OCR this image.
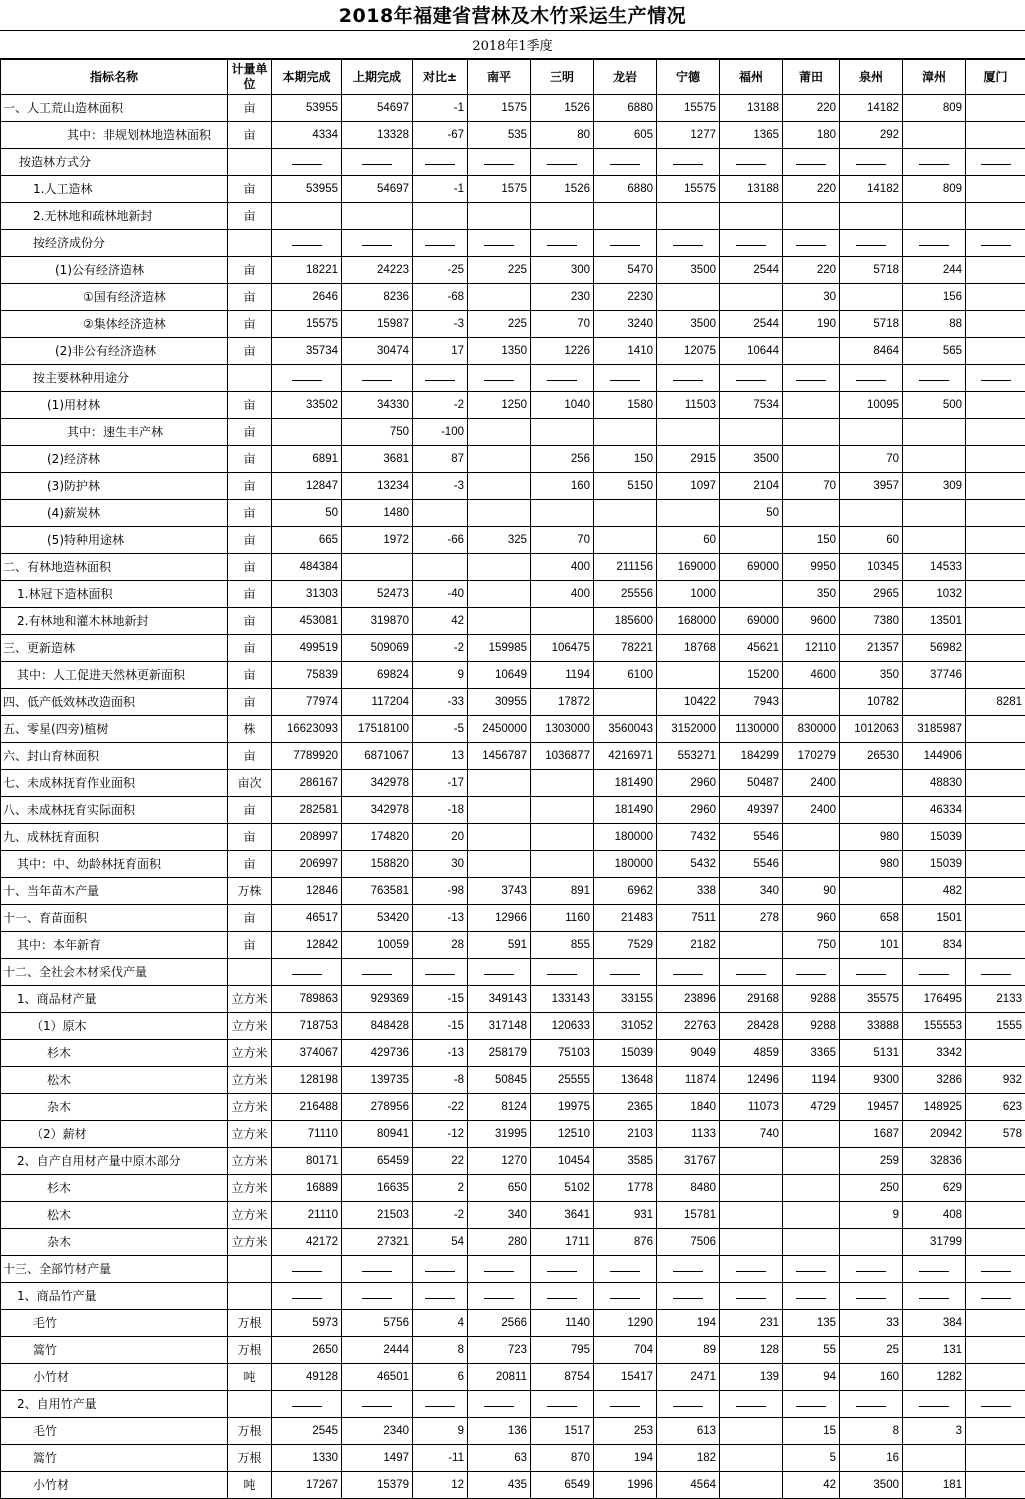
2018年福建省营林及木竹采运生产情况
2018年1季度
指标名称	计量单位	本期完成	上期完成	对比±	南平	三明	龙岩	宁德	福州	莆田	泉州	漳州	厦门
一、人工荒山造林面积	亩	53955	54697	-1	1575	1526	6880	15575	13188	220	14182	809	
其中：非规划林地造林面积	亩	4334	13328	-67	535	80	605	1277	1365	180	292		
按造林方式分													
1.人工造林	亩	53955	54697	-1	1575	1526	6880	15575	13188	220	14182	809	
2.无林地和疏林地新封	亩												
按经济成份分													
(1)公有经济造林	亩	18221	24223	-25	225	300	5470	3500	2544	220	5718	244	
①国有经济造林	亩	2646	8236	-68		230	2230			30		156	
②集体经济造林	亩	15575	15987	-3	225	70	3240	3500	2544	190	5718	88	
(2)非公有经济造林	亩	35734	30474	17	1350	1226	1410	12075	10644		8464	565	
按主要林种用途分													
(1)用材林	亩	33502	34330	-2	1250	1040	1580	11503	7534		10095	500	
其中：速生丰产林	亩		750	-100									
(2)经济林	亩	6891	3681	87		256	150	2915	3500		70		
(3)防护林	亩	12847	13234	-3		160	5150	1097	2104	70	3957	309	
(4)薪炭林	亩	50	1480						50				
(5)特种用途林	亩	665	1972	-66	325	70		60		150	60		
二、有林地造林面积	亩	484384				400	211156	169000	69000	9950	10345	14533	
1.林冠下造林面积	亩	31303	52473	-40		400	25556	1000		350	2965	1032	
2.有林地和灌木林地新封	亩	453081	319870	42			185600	168000	69000	9600	7380	13501	
三、更新造林	亩	499519	509069	-2	159985	106475	78221	18768	45621	12110	21357	56982	
其中：人工促进天然林更新面积	亩	75839	69824	9	10649	1194	6100		15200	4600	350	37746	
四、低产低效林改造面积	亩	77974	117204	-33	30955	17872		10422	7943		10782		8281
五、零星(四旁)植树	株	16623093	17518100	-5	2450000	1303000	3560043	3152000	1130000	830000	1012063	3185987	
六、封山育林面积	亩	7789920	6871067	13	1456787	1036877	4216971	553271	184299	170279	26530	144906	
七、未成林抚育作业面积	亩次	286167	342978	-17			181490	2960	50487	2400		48830	
八、未成林抚育实际面积	亩	282581	342978	-18			181490	2960	49397	2400		46334	
九、成林抚育面积	亩	208997	174820	20			180000	7432	5546		980	15039	
其中：中、幼龄林抚育面积	亩	206997	158820	30			180000	5432	5546		980	15039	
十、当年苗木产量	万株	12846	763581	-98	3743	891	6962	338	340	90		482	
十一、育苗面积	亩	46517	53420	-13	12966	1160	21483	7511	278	960	658	1501	
其中：本年新育	亩	12842	10059	28	591	855	7529	2182		750	101	834	
十二、全社会木材采伐产量													
1、商品材产量	立方米	789863	929369	-15	349143	133143	33155	23896	29168	9288	35575	176495	2133
（1）原木	立方米	718753	848428	-15	317148	120633	31052	22763	28428	9288	33888	155553	1555
杉木	立方米	374067	429736	-13	258179	75103	15039	9049	4859	3365	5131	3342	
松木	立方米	128198	139735	-8	50845	25555	13648	11874	12496	1194	9300	3286	932
杂木	立方米	216488	278956	-22	8124	19975	2365	1840	11073	4729	19457	148925	623
（2）薪材	立方米	71110	80941	-12	31995	12510	2103	1133	740		1687	20942	578
2、自产自用材产量中原木部分	立方米	80171	65459	22	1270	10454	3585	31767			259	32836	
杉木	立方米	16889	16635	2	650	5102	1778	8480			250	629	
松木	立方米	21110	21503	-2	340	3641	931	15781			9	408	
杂木	立方米	42172	27321	54	280	1711	876	7506				31799	
十三、全部竹材产量													
1、商品竹产量													
毛竹	万根	5973	5756	4	2566	1140	1290	194	231	135	33	384	
篙竹	万根	2650	2444	8	723	795	704	89	128	55	25	131	
小竹材	吨	49128	46501	6	20811	8754	15417	2471	139	94	160	1282	
2、自用竹产量													
毛竹	万根	2545	2340	9	136	1517	253	613		15	8	3	
篙竹	万根	1330	1497	-11	63	870	194	182		5	16		
小竹材	吨	17267	15379	12	435	6549	1996	4564		42	3500	181	
